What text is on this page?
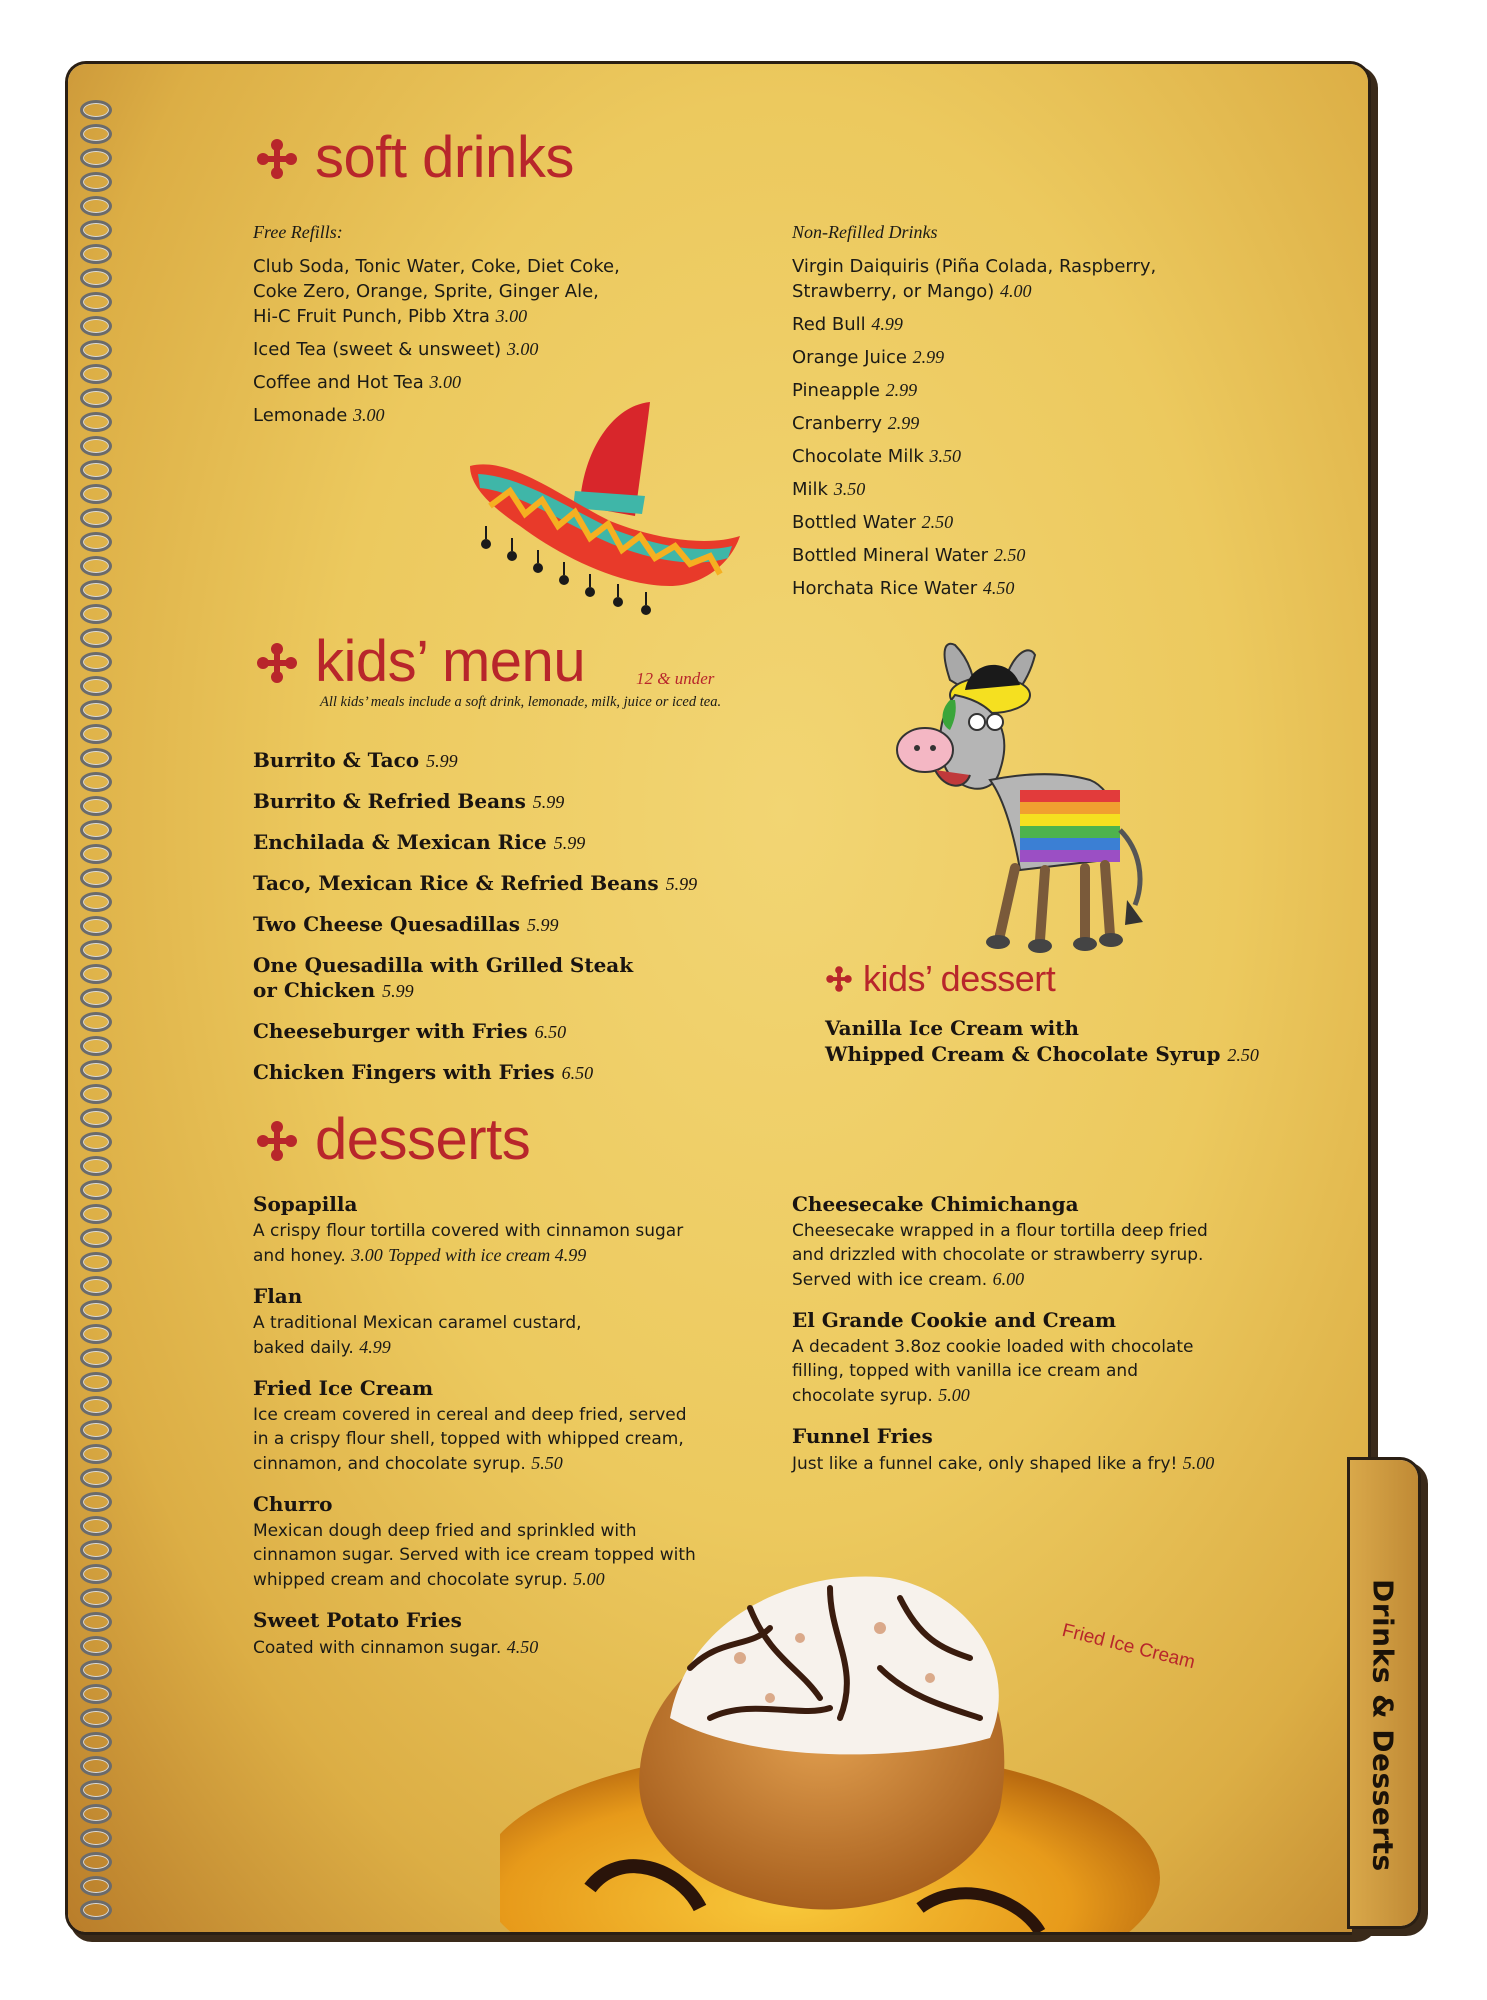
Drinks & Desserts
soft drinks
Free Refills:
Club Soda, Tonic Water, Coke, Diet Coke,
Coke Zero, Orange, Sprite, Ginger Ale,
Hi-C Fruit Punch, Pibb Xtra 3.00
Iced Tea (sweet & unsweet) 3.00
Coffee and Hot Tea 3.00
Lemonade 3.00
Non-Refilled Drinks
Virgin Daiquiris (Piña Colada, Raspberry,
Strawberry, or Mango) 4.00
Red Bull 4.99
Orange Juice 2.99
Pineapple 2.99
Cranberry 2.99
Chocolate Milk 3.50
Milk 3.50
Bottled Water 2.50
Bottled Mineral Water 2.50
Horchata Rice Water 4.50
kids’ menu	12 & under
All kids’ meals include a soft drink, lemonade, milk, juice or iced tea.
Burrito & Taco 5.99
Burrito & Refried Beans 5.99
Enchilada & Mexican Rice 5.99
Taco, Mexican Rice & Refried Beans 5.99
Two Cheese Quesadillas 5.99
One Quesadilla with Grilled Steak
or Chicken 5.99
Cheeseburger with Fries 6.50
Chicken Fingers with Fries 6.50
kids’ dessert
Vanilla Ice Cream with
Whipped Cream & Chocolate Syrup 2.50
desserts
Sopapilla
A crispy flour tortilla covered with cinnamon sugar
and honey. 3.00 Topped with ice cream 4.99
Flan
A traditional Mexican caramel custard,
baked daily. 4.99
Fried Ice Cream
Ice cream covered in cereal and deep fried, served
in a crispy flour shell, topped with whipped cream,
cinnamon, and chocolate syrup. 5.50
Churro
Mexican dough deep fried and sprinkled with
cinnamon sugar. Served with ice cream topped with
whipped cream and chocolate syrup. 5.00
Sweet Potato Fries
Coated with cinnamon sugar. 4.50
Cheesecake Chimichanga
Cheesecake wrapped in a flour tortilla deep fried
and drizzled with chocolate or strawberry syrup.
Served with ice cream. 6.00
El Grande Cookie and Cream
A decadent 3.8oz cookie loaded with chocolate
filling, topped with vanilla ice cream and
chocolate syrup. 5.00
Funnel Fries
Just like a funnel cake, only shaped like a fry! 5.00
Fried Ice Cream
